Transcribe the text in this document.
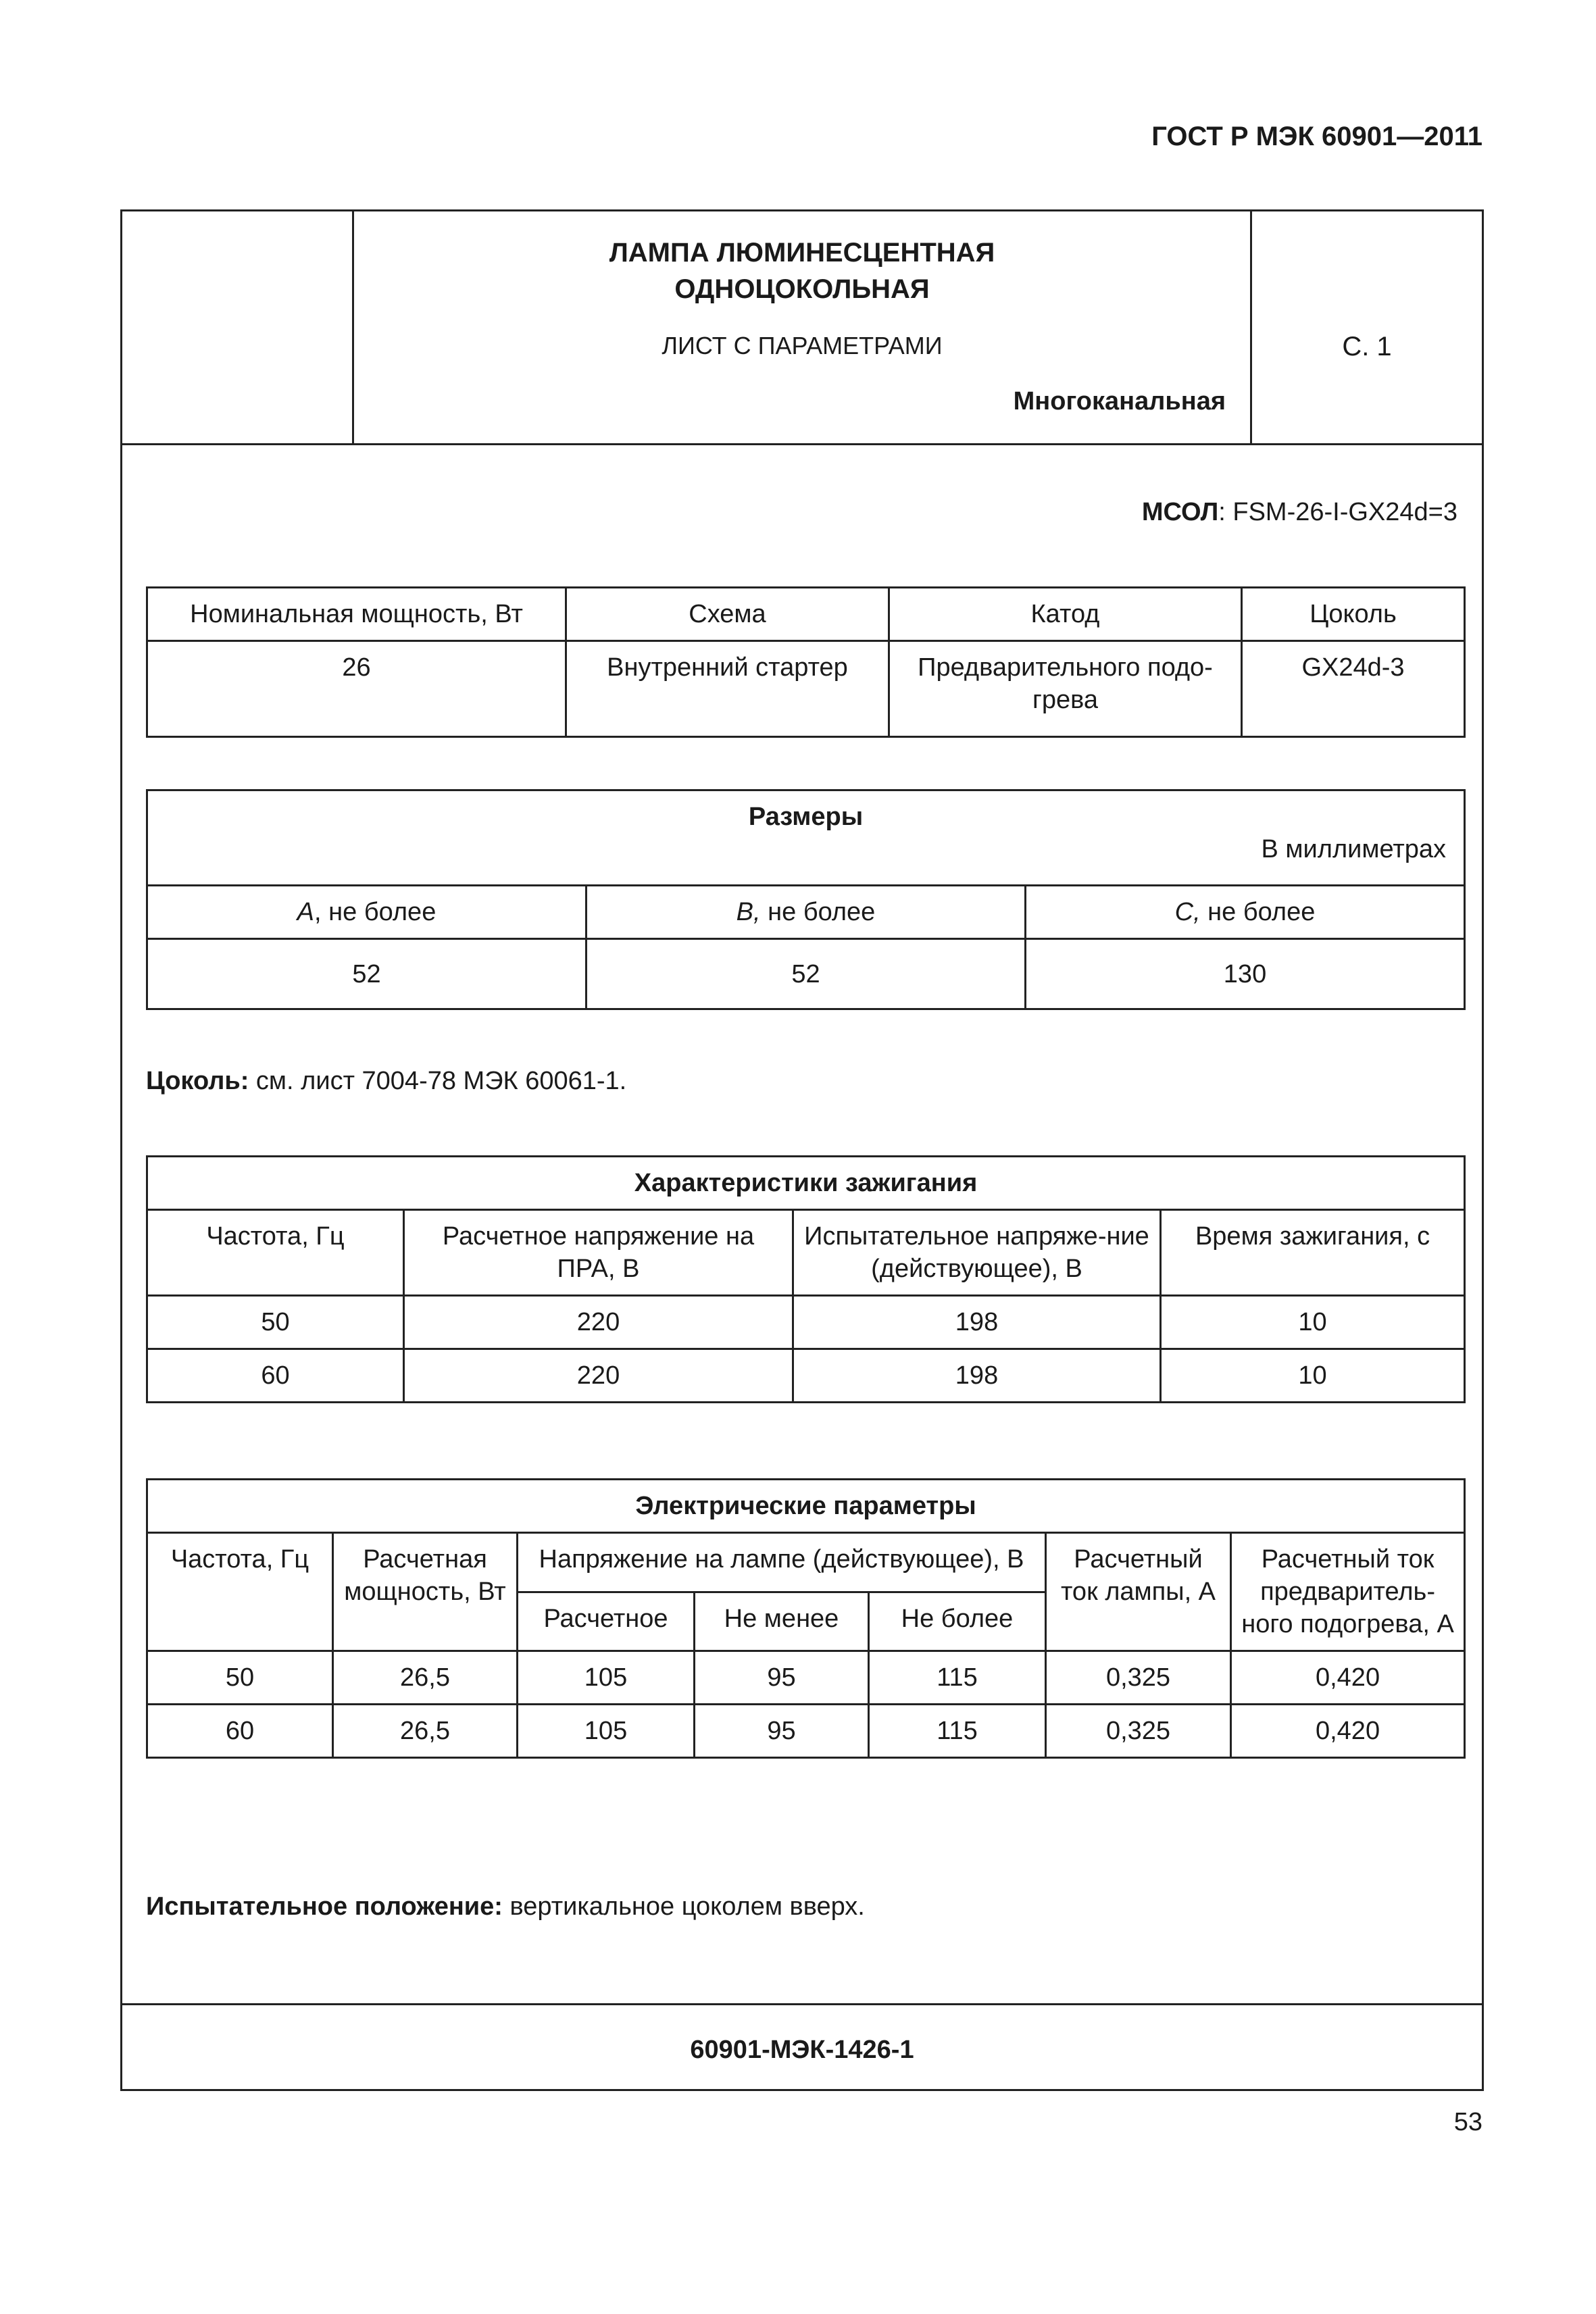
ГОСТ Р МЭК 60901—2011
ЛАМПА ЛЮМИНЕСЦЕНТНАЯ
ОДНОЦОКОЛЬНАЯ
ЛИСТ С ПАРАМЕТРАМИ
Многоканальная
С. 1
МСОЛ: FSM-26-I-GX24d=3
Номинальная мощность, Вт	Схема	Катод	Цоколь
26	Внутренний стартер	Предварительного подо-грева	GX24d-3
Размеры
В миллиметрах		

A, не более	B, не более	C, не более
52	52	130
Цоколь: см. лист 7004-78 МЭК 60061-1.
Характеристики зажигания			
Частота, Гц	Расчетное напряжение на ПРА, В	Испытательное напряже-ние (действующее), В	Время зажигания, с
50	220	198	10
60	220	198	10
Электрические параметры						
Частота, Гц	Расчетная мощность, Вт	Напряжение на лампе (действующее), В			Расчетный ток лампы, А	Расчетный ток предваритель-ного подогрева, А
		Расчетное	Не менее	Не более		
50	26,5	105	95	115	0,325	0,420
60	26,5	105	95	115	0,325	0,420
Испытательное положение: вертикальное цоколем вверх.
60901-МЭК-1426-1
53
